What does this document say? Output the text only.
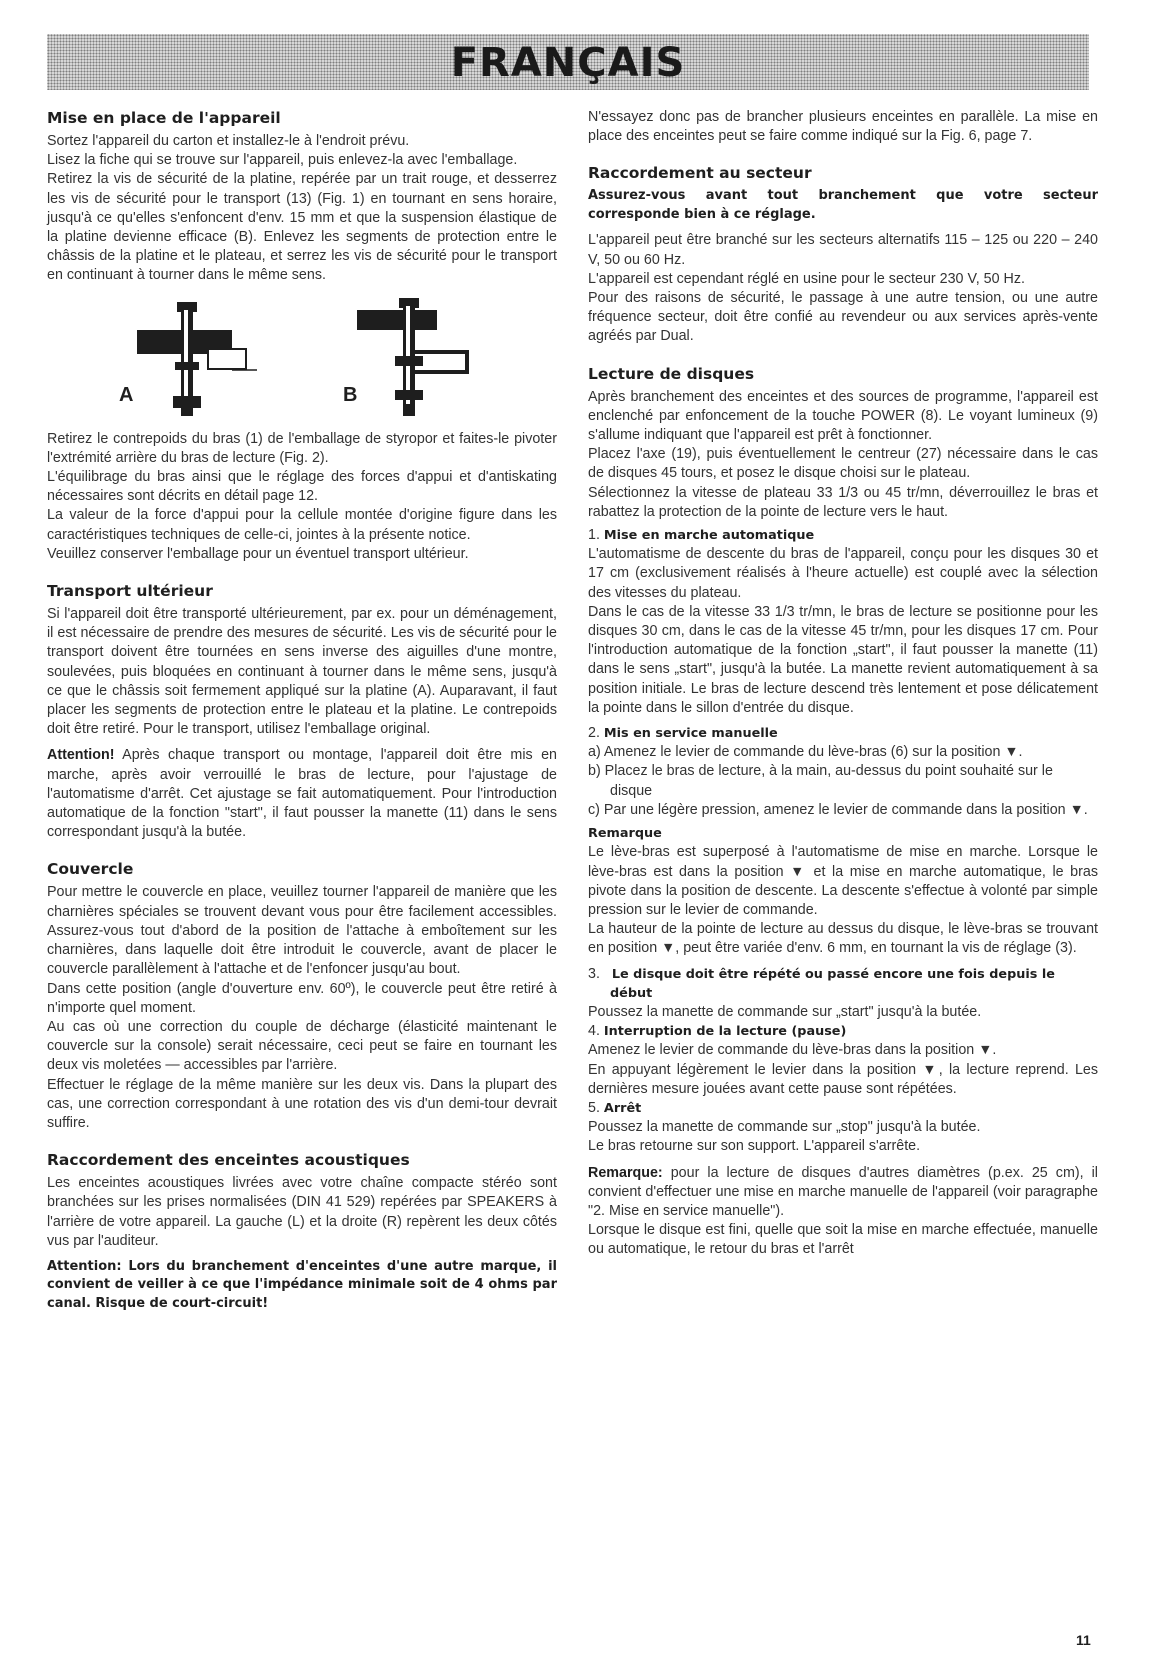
FRANÇAIS
Mise en place de l'appareil

Sortez l'appareil du carton et installez-le à l'endroit prévu.

Lisez la fiche qui se trouve sur l'appareil, puis enlevez-la avec l'emballage.

Retirez la vis de sécurité de la platine, repérée par un trait rouge, et desserrez les vis de sécurité pour le transport (13) (Fig. 1) en tournant en sens horaire, jusqu'à ce qu'elles s'enfoncent d'env. 15 mm et que la suspension élastique de la platine devienne efficace (B). Enlevez les segments de protection entre le châssis de la platine et le plateau, et serrez les vis de sécurité pour le transport en continuant à tourner dans le même sens.

A	B

Retirez le contrepoids du bras (1) de l'emballage de styropor et faites-le pivoter l'extrémité arrière du bras de lecture (Fig. 2).

L'équilibrage du bras ainsi que le réglage des forces d'appui et d'antiskating nécessaires sont décrits en détail page 12.

La valeur de la force d'appui pour la cellule montée d'origine figure dans les caractéristiques techniques de celle-ci, jointes à la présente notice.

Veuillez conserver l'emballage pour un éventuel transport ultérieur.

Transport ultérieur

Si l'appareil doit être transporté ultérieurement, par ex. pour un déménagement, il est nécessaire de prendre des mesures de sécurité. Les vis de sécurité pour le transport doivent être tournées en sens inverse des aiguilles d'une montre, soulevées, puis bloquées en continuant à tourner dans le même sens, jusqu'à ce que le châssis soit fermement appliqué sur la platine (A). Auparavant, il faut placer les segments de protection entre le plateau et la platine. Le contrepoids doit être retiré. Pour le transport, utilisez l'emballage original.

Attention! Après chaque transport ou montage, l'appareil doit être mis en marche, après avoir verrouillé le bras de lecture, pour l'ajustage de l'automatisme d'arrêt. Cet ajustage se fait automatiquement. Pour l'introduction automatique de la fonction "start", il faut pousser la manette (11) dans le sens correspondant jusqu'à la butée.

Couvercle

Pour mettre le couvercle en place, veuillez tourner l'appareil de manière que les charnières spéciales se trouvent devant vous pour être facilement accessibles. Assurez-vous tout d'abord de la position de l'attache à emboîtement sur les charnières, dans laquelle doit être introduit le couvercle, avant de placer le couvercle parallèlement à l'attache et de l'enfoncer jusqu'au bout.

Dans cette position (angle d'ouverture env. 60º), le couvercle peut être retiré à n'importe quel moment.

Au cas où une correction du couple de décharge (élasticité maintenant le couvercle sur la console) serait nécessaire, ceci peut se faire en tournant les deux vis moletées — accessibles par l'arrière.

Effectuer le réglage de la même manière sur les deux vis. Dans la plupart des cas, une correction correspondant à une rotation des vis d'un demi-tour devrait suffire.

Raccordement des enceintes acoustiques

Les enceintes acoustiques livrées avec votre chaîne compacte stéréo sont branchées sur les prises normalisées (DIN 41 529) repérées par SPEAKERS à l'arrière de votre appareil. La gauche (L) et la droite (R) repèrent les deux côtés vus par l'auditeur.

Attention: Lors du branchement d'enceintes d'une autre marque, il convient de veiller à ce que l'impédance minimale soit de 4 ohms par canal. Risque de court-circuit!

N'essayez donc pas de brancher plusieurs enceintes en parallèle. La mise en place des enceintes peut se faire comme indiqué sur la Fig. 6, page 7.

Raccordement au secteur

Assurez-vous avant tout branchement que votre secteur corresponde bien à ce réglage.

L'appareil peut être branché sur les secteurs alternatifs 115 – 125 ou 220 – 240 V, 50 ou 60 Hz.

L'appareil est cependant réglé en usine pour le secteur 230 V, 50 Hz.

Pour des raisons de sécurité, le passage à une autre tension, ou une autre fréquence secteur, doit être confié au revendeur ou aux services après-vente agréés par Dual.

Lecture de disques

Après branchement des enceintes et des sources de programme, l'appareil est enclenché par enfoncement de la touche POWER (8). Le voyant lumineux (9) s'allume indiquant que l'appareil est prêt à fonctionner.

Placez l'axe (19), puis éventuellement le centreur (27) nécessaire dans le cas de disques 45 tours, et posez le disque choisi sur le plateau.

Sélectionnez la vitesse de plateau 33 1/3 ou 45 tr/mn, déverrouillez le bras et rabattez la protection de la pointe de lecture vers le haut.

1. Mise en marche automatique

L'automatisme de descente du bras de l'appareil, conçu pour les disques 30 et 17 cm (exclusivement réalisés à l'heure actuelle) est couplé avec la sélection des vitesses du plateau.

Dans le cas de la vitesse 33 1/3 tr/mn, le bras de lecture se positionne pour les disques 30 cm, dans le cas de la vitesse 45 tr/mn, pour les disques 17 cm. Pour l'introduction automatique de la fonction „start", il faut pousser la manette (11) dans le sens „start", jusqu'à la butée. La manette revient automatiquement à sa position initiale. Le bras de lecture descend très lentement et pose délicatement la pointe dans le sillon d'entrée du disque.

2. Mis en service manuelle

a) Amenez le levier de commande du lève-bras (6) sur la position ▼.

b) Placez le bras de lecture, à la main, au-dessus du point souhaité sur le disque

c) Par une légère pression, amenez le levier de commande dans la position ▼.

Remarque

Le lève-bras est superposé à l'automatisme de mise en marche. Lorsque le lève-bras est dans la position ▼ et la mise en marche automatique, le bras pivote dans la position de descente. La descente s'effectue à volonté par simple pression sur le levier de commande.

La hauteur de la pointe de lecture au dessus du disque, le lève-bras se trouvant en position ▼, peut être variée d'env. 6 mm, en tournant la vis de réglage (3).

3. Le disque doit être répété ou passé encore une fois depuis le début

Poussez la manette de commande sur „start" jusqu'à la butée.

4. Interruption de la lecture (pause)

Amenez le levier de commande du lève-bras dans la position ▼.

En appuyant légèrement le levier dans la position ▼, la lecture reprend. Les dernières mesure jouées avant cette pause sont répétées.

5. Arrêt

Poussez la manette de commande sur „stop" jusqu'à la butée.

Le bras retourne sur son support. L'appareil s'arrête.

Remarque: pour la lecture de disques d'autres diamètres (p.ex. 25 cm), il convient d'effectuer une mise en marche manuelle de l'appareil (voir paragraphe "2. Mise en service manuelle").

Lorsque le disque est fini, quelle que soit la mise en marche effectuée, manuelle ou automatique, le retour du bras et l'arrêt

11
